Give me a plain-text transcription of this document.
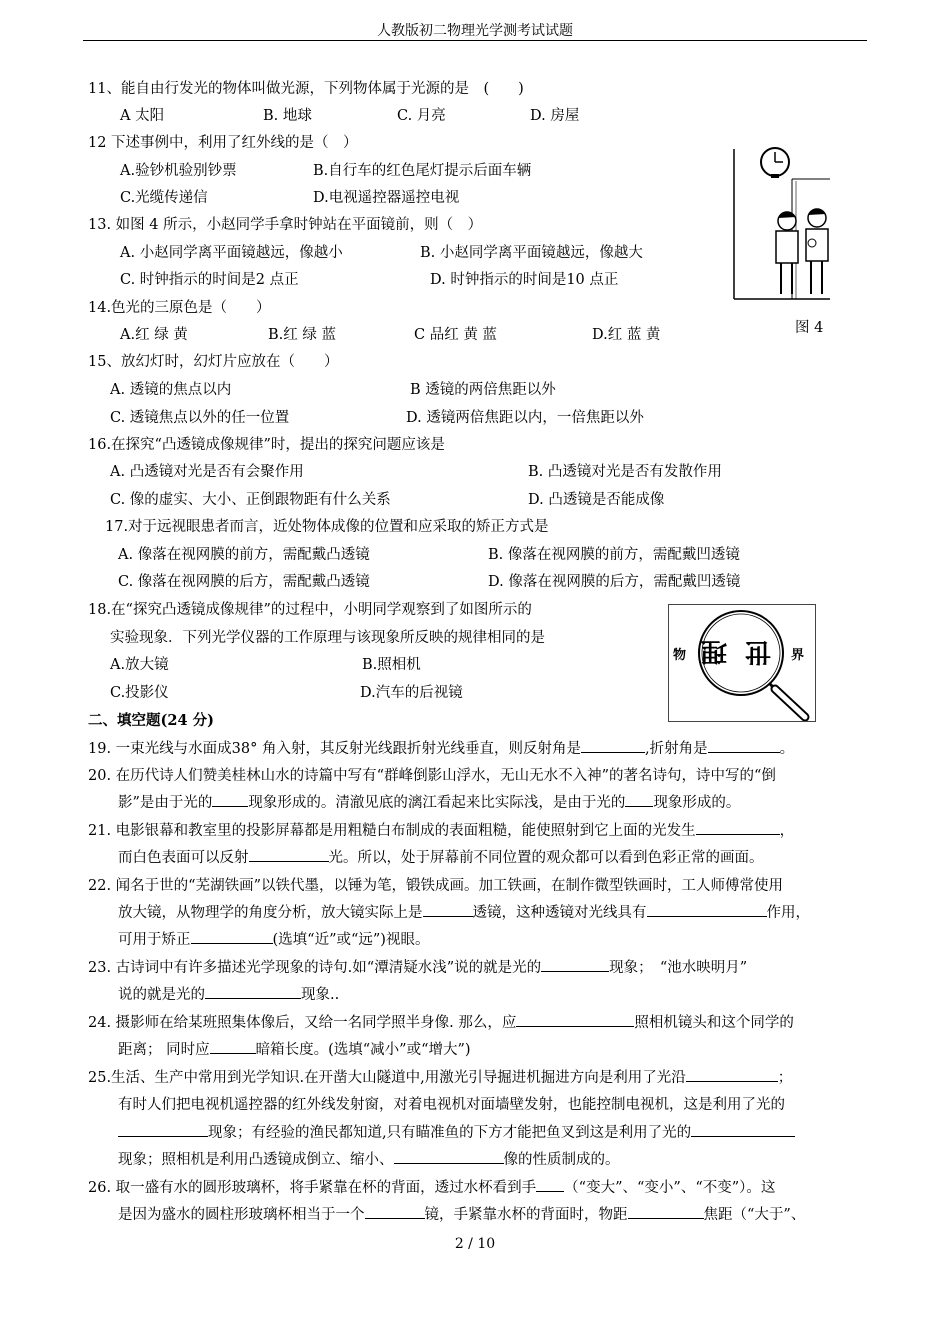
人教版初二物理光学测考试试题
11、能自由行发光的物体叫做光源，下列物体属于光源的是　(　　)
A 太阳	B. 地球	C. 月亮	D. 房屋
12 下述事例中，利用了红外线的是（　）
A.验钞机验别钞票	B.自行车的红色尾灯提示后面车辆
C.光缆传递信	D.电视遥控器遥控电视
13. 如图 4 所示，小赵同学手拿时钟站在平面镜前，则（　）
A. 小赵同学离平面镜越远，像越小	B. 小赵同学离平面镜越远，像越大
C. 时钟指示的时间是2 点正	D. 时钟指示的时间是10 点正
图 4
14.色光的三原色是（　　）
A.红 绿 黄	B.红 绿 蓝	C 品红 黄 蓝	D.红 蓝 黄
15、放幻灯时，幻灯片应放在（　　）
A. 透镜的焦点以内	B 透镜的两倍焦距以外
C. 透镜焦点以外的任一位置	D. 透镜两倍焦距以内，一倍焦距以外
16.在探究“凸透镜成像规律”时，提出的探究问题应该是
A. 凸透镜对光是否有会聚作用	B. 凸透镜对光是否有发散作用
C. 像的虚实、大小、正倒跟物距有什么关系	D. 凸透镜是否能成像
17.对于远视眼患者而言，近处物体成像的位置和应采取的矫正方式是
A. 像落在视网膜的前方，需配戴凸透镜	B. 像落在视网膜的前方，需配戴凹透镜
C. 像落在视网膜的后方，需配戴凸透镜	D. 像落在视网膜的后方，需配戴凹透镜
18.在“探究凸透镜成像规律”的过程中，小明同学观察到了如图所示的
实验现象．下列光学仪器的工作原理与该现象所反映的规律相同的是
A.放大镜	B.照相机
C.投影仪	D.汽车的后视镜
物 理 世 界
二、填空题(24 分)
19. 一束光线与水面成38° 角入射，其反射光线跟折射光线垂直，则反射角是	,折射角是	。
20. 在历代诗人们赞美桂林山水的诗篇中写有“群峰倒影山浮水，无山无水不入神”的著名诗句，诗中写的“倒
影”是由于光的 现象形成的。清澈见底的漓江看起来比实际浅，是由于光的 现象形成的。
21. 电影银幕和教室里的投影屏幕都是用粗糙白布制成的表面粗糙，能使照射到它上面的光发生	，
而白色表面可以反射	光。所以，处于屏幕前不同位置的观众都可以看到色彩正常的画面。
22. 闻名于世的“芜湖铁画”以铁代墨，以锤为笔，锻铁成画。加工铁画，在制作微型铁画时，工人师傅常使用
放大镜，从物理学的角度分析，放大镜实际上是	透镜，这种透镜对光线具有	作用，
可用于矫正	(选填“近”或“远”)视眼。
23. 古诗词中有许多描述光学现象的诗句.如“潭清疑水浅”说的就是光的	现象；　“池水映明月”
说的就是光的	现象..
24. 摄影师在给某班照集体像后，又给一名同学照半身像. 那么，应	照相机镜头和这个同学的
距离； 同时应	暗箱长度。(选填“减小”或“增大”)
25.生活、生产中常用到光学知识.在开凿大山隧道中,用激光引导掘进机掘进方向是利用了光沿	；
有时人们把电视机遥控器的红外线发射窗，对着电视机对面墙壁发射，也能控制电视机，这是利用了光的
现象；有经验的渔民都知道,只有瞄准鱼的下方才能把鱼叉到这是利用了光的
现象；照相机是利用凸透镜成倒立、缩小、	像的性质制成的。
26. 取一盛有水的圆形玻璃杯，将手紧靠在杯的背面，透过水杯看到手 （“变大”、“变小”、“不变”）。这
是因为盛水的圆柱形玻璃杯相当于一个	镜，手紧靠水杯的背面时，物距	焦距（“大于”、
2 / 10
